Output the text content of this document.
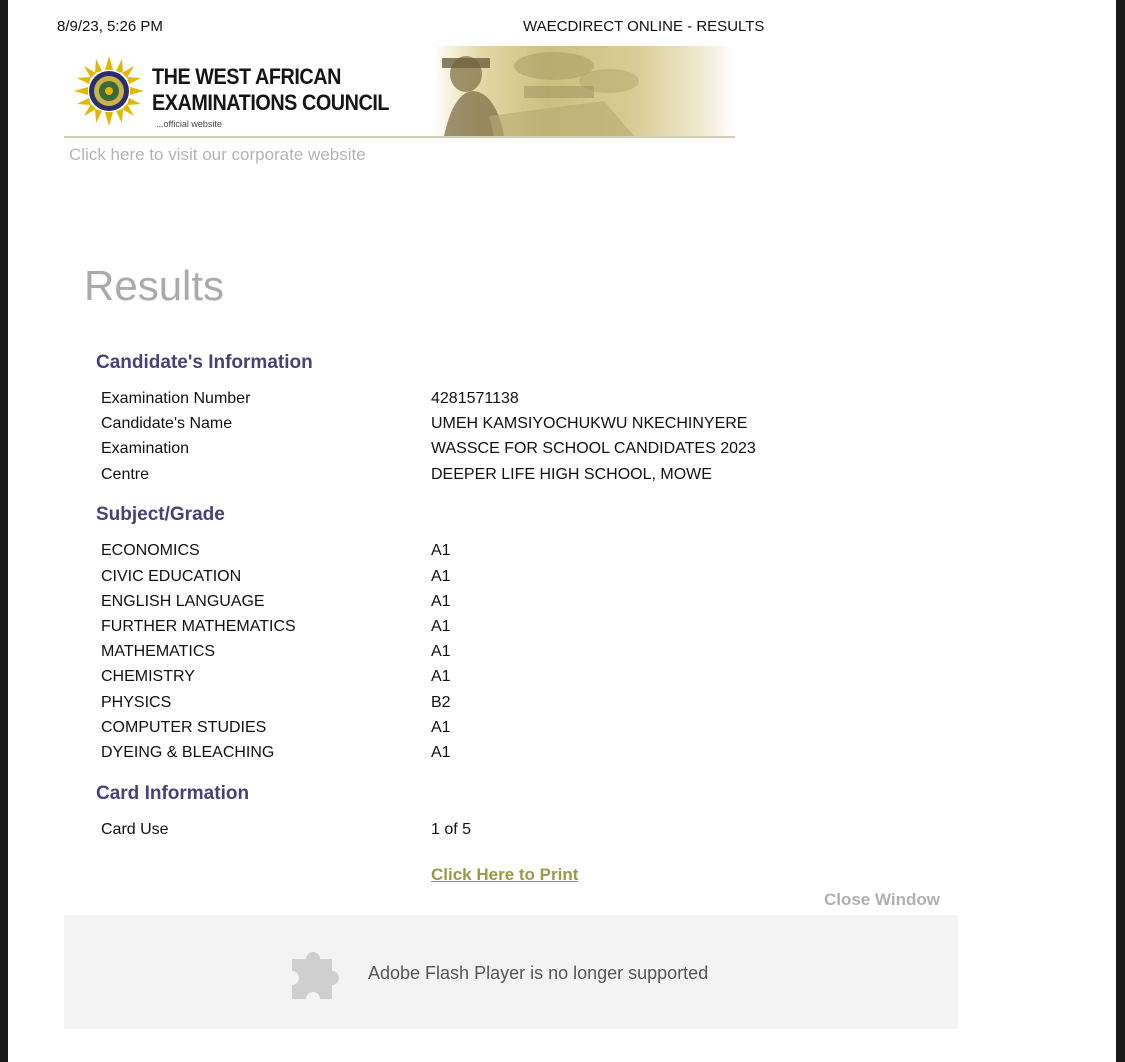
8/9/23, 5:26 PM	WAECDIRECT ONLINE - RESULTS
THE WEST AFRICAN
EXAMINATIONS COUNCIL
...official website
Click here to visit our corporate website
Results
Candidate's Information
Examination Number	4281571138
Candidate's Name	UMEH KAMSIYOCHUKWU NKECHINYERE
Examination	WASSCE FOR SCHOOL CANDIDATES 2023
Centre	DEEPER LIFE HIGH SCHOOL, MOWE
Subject/Grade
ECONOMICS	A1
CIVIC EDUCATION	A1
ENGLISH LANGUAGE	A1
FURTHER MATHEMATICS	A1
MATHEMATICS	A1
CHEMISTRY	A1
PHYSICS	B2
COMPUTER STUDIES	A1
DYEING & BLEACHING	A1
Card Information
Card Use	1 of 5
Click Here to Print
Close Window
Adobe Flash Player is no longer supported
